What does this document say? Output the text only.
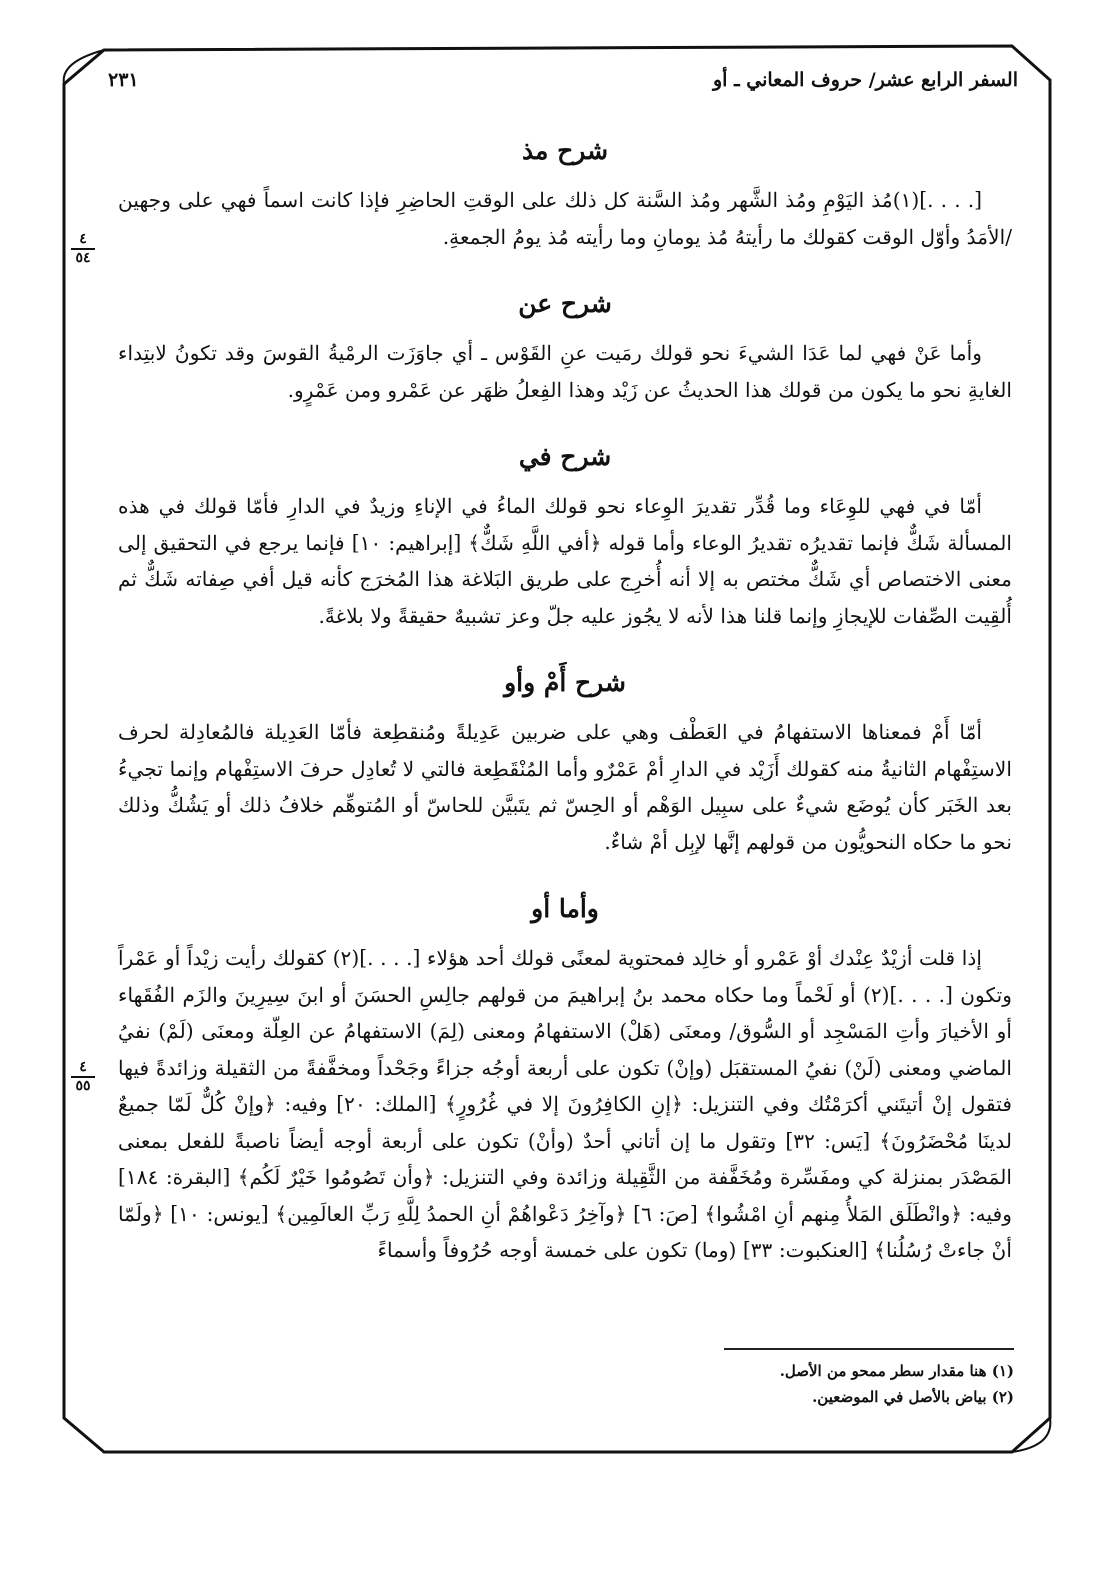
٢٣١	السفر الرابع عشر/ حروف المعاني ـ أو
٤
٥٤
٤
٥٥
شرح مذ

[. . . .](١)مُذ اليَوْمِ ومُذ الشَّهر ومُذ السَّنة كل ذلك على الوقتِ الحاضِرِ فإذا كانت اسماً فهي على وجهين /الأمَدُ وأوّل الوقت كقولك ما رأيتهُ مُذ يومانِ وما رأيته مُذ يومُ الجمعةِ.

شرح عن

وأما عَنْ فهي لما عَدَا الشيءَ نحو قولك رمَيت عنِ القَوْس ـ أي جاوَزَت الرمْيةُ القوسَ وقد تكونُ لابتِداء الغايةِ نحو ما يكون من قولك هذا الحديثُ عن زَيْد وهذا الفِعلُ ظهَر عن عَمْرو ومن عَمْرٍو.

شرح في

أمّا في فهي للوِعَاء وما قُدِّر تقديرَ الوِعاء نحو قولك الماءُ في الإناءِ وزيدٌ في الدارِ فأمّا قولك في هذه المسألة شَكٌّ فإنما تقديرُه تقديرُ الوعاء وأما قوله ﴿أفي اللَّهِ شَكٌّ﴾ [إبراهيم: ١٠] فإنما يرجع في التحقيق إلى معنى الاختصاص أي شَكٌّ مختص به إلا أنه أُخرِج على طريق البَلاغة هذا المُخرَج كأنه قيل أفي صِفاته شَكٌّ ثم أُلقِيت الصِّفات للإيجازِ وإنما قلنا هذا لأنه لا يجُوز عليه جلّ وعز تشبيهٌ حقيقةً ولا بلاغةً.

شرح أَمْ وأو

أمّا أَمْ فمعناها الاستفهامُ في العَطْف وهي على ضربين عَدِيلةً ومُنقطِعة فأمّا العَدِيلة فالمُعادِلة لحرف الاستِفْهام الثانيةُ منه كقولك أَزَيْد في الدارِ أمْ عَمْرٌو وأما المُنْقَطِعة فالتي لا تُعادِل حرفَ الاستِفْهام وإنما تجيءُ بعد الخَبَر كأن يُوضَع شيءٌ على سبِيل الوَهْم أو الحِسّ ثم يتَبيَّن للحاسّ أو المُتوهِّم خلافُ ذلك أو يَشُكُّ وذلك نحو ما حكاه النحويُّون من قولهم إنَّها لإبِل أمْ شاءٌ.

وأما أو

إذا قلت أزيْدٌ عِنْدك أوْ عَمْرو أو خالِد فمحتوية لمعنًى قولك أحد هؤلاء [. . . .](٢) كقولك رأيت زيْداً أو عَمْراً وتكون [. . . .](٢) أو لَحْماً وما حكاه محمد بنُ إبراهيمَ من قولهم جالِسِ الحسَنَ أو ابنَ سِيرِينَ والزَم الفُقَهاء أو الأخيارَ وأتِ المَسْجِد أو السُّوق/ ومعنَى (هَلْ) الاستفهامُ ومعنى (لِمَ) الاستفهامُ عن العِلّة ومعنَى (لَمْ) نفيُ الماضي ومعنى (لَنْ) نفيُ المستقبَل (وإنْ) تكون على أربعة أوجُه جزاءً وجَحْداً ومخفَّفةً من الثقيلة وزائدةً فيها فتقول إنْ أتيتَني أكرَمْتُك وفي التنزيل: ﴿إنِ الكافِرُونَ إلا في غُرُورٍ﴾ [الملك: ٢٠] وفيه: ﴿وإنْ كُلٌّ لَمّا جميعٌ لدينَا مُحْضَرُونَ﴾ [يَس: ٣٢] وتقول ما إن أتاني أحدٌ (وأنْ) تكون على أربعة أوجه أيضاً ناصبةً للفعل بمعنى المَصْدَر بمنزلة كي ومفَسِّرة ومُخَفَّفة من الثَّقِيلة وزائدة وفي التنزيل: ﴿وأن تَصُومُوا خَيْرٌ لَكُم﴾ [البقرة: ١٨٤] وفيه: ﴿وانْطَلَق المَلأُ مِنهم أنِ امْشُوا﴾ [صَ: ٦] ﴿وآخِرُ دَعْواهُمْ أنِ الحمدُ لِلَّهِ رَبِّ العالَمِين﴾ [يونس: ١٠] ﴿ولَمّا أنْ جاءتْ رُسُلُنا﴾ [العنكبوت: ٣٣] (وما) تكون على خمسة أوجه حُرُوفاً وأسماءً

(١) هنا مقدار سطر ممحو من الأصل.
(٢) بياض بالأصل في الموضعين.
